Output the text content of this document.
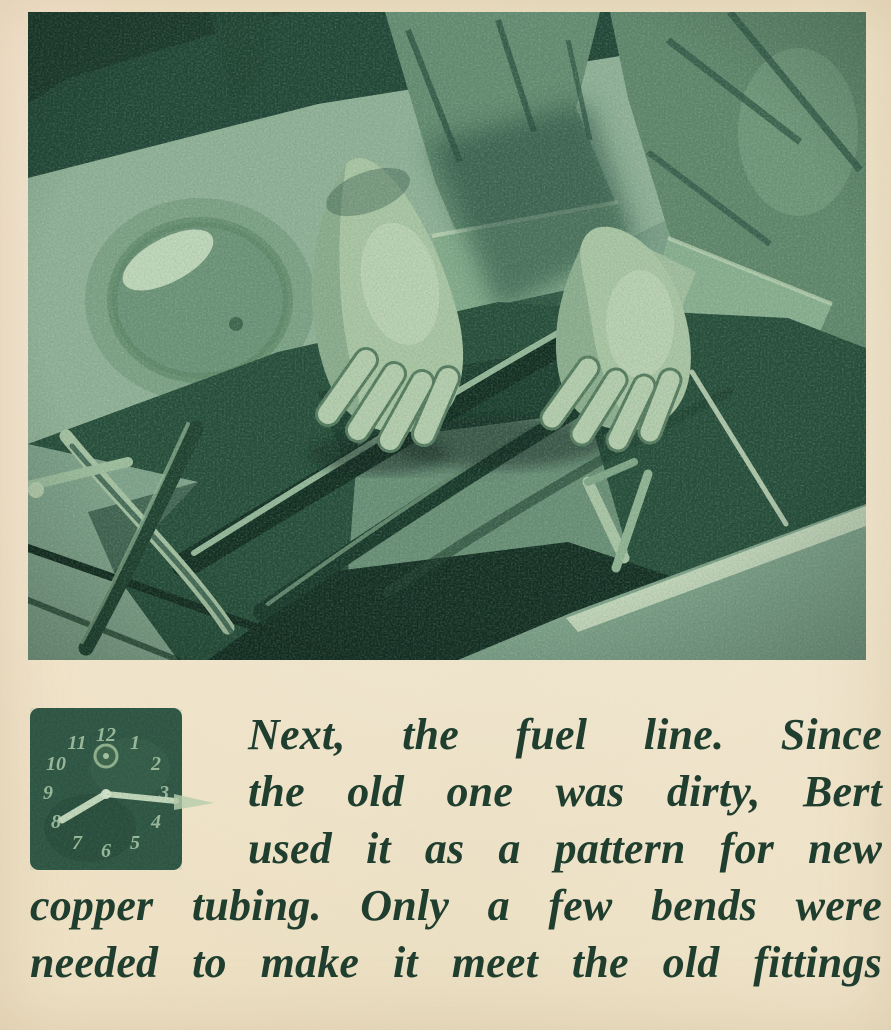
Next, the fuel line. Since
the old one was dirty, Bert
used it as a pattern for new
copper tubing. Only a few bends were
needed to make it meet the old fittings
